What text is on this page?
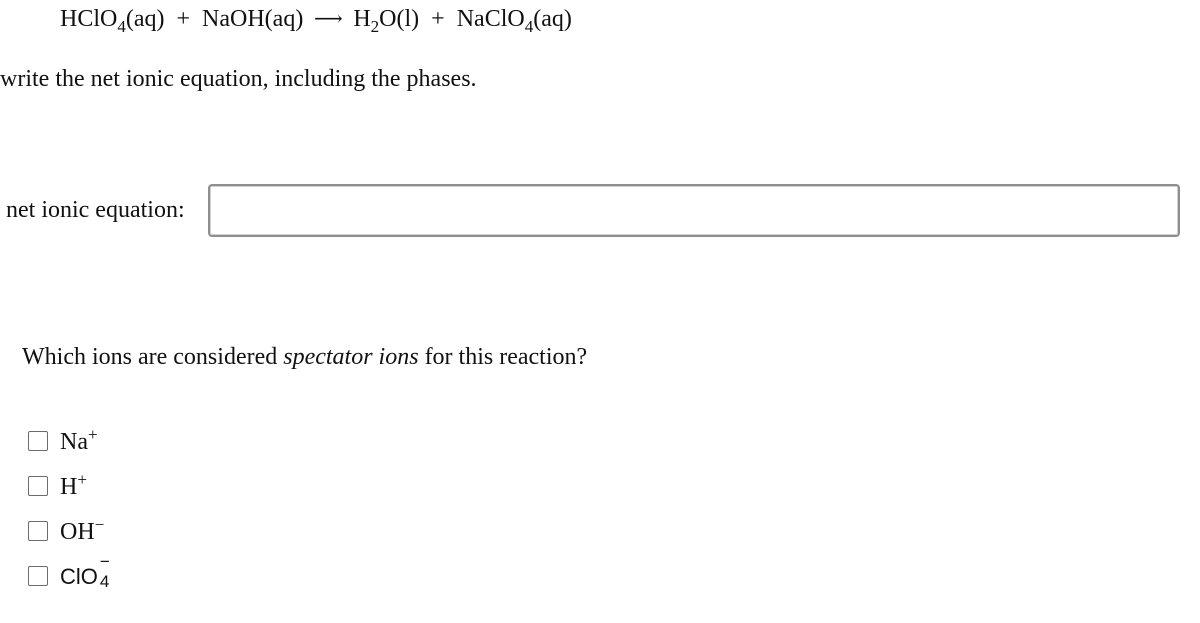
HClO$_4$(aq) + NaOH(aq) ⟶ $H_2O(l)$ + NaClO$_4$(aq)
write the net ionic equation, including the phases.
net ionic equation:
Which ions are considered spectator ions for this reaction?
Na+
H+
OH−
ClO
−
4
